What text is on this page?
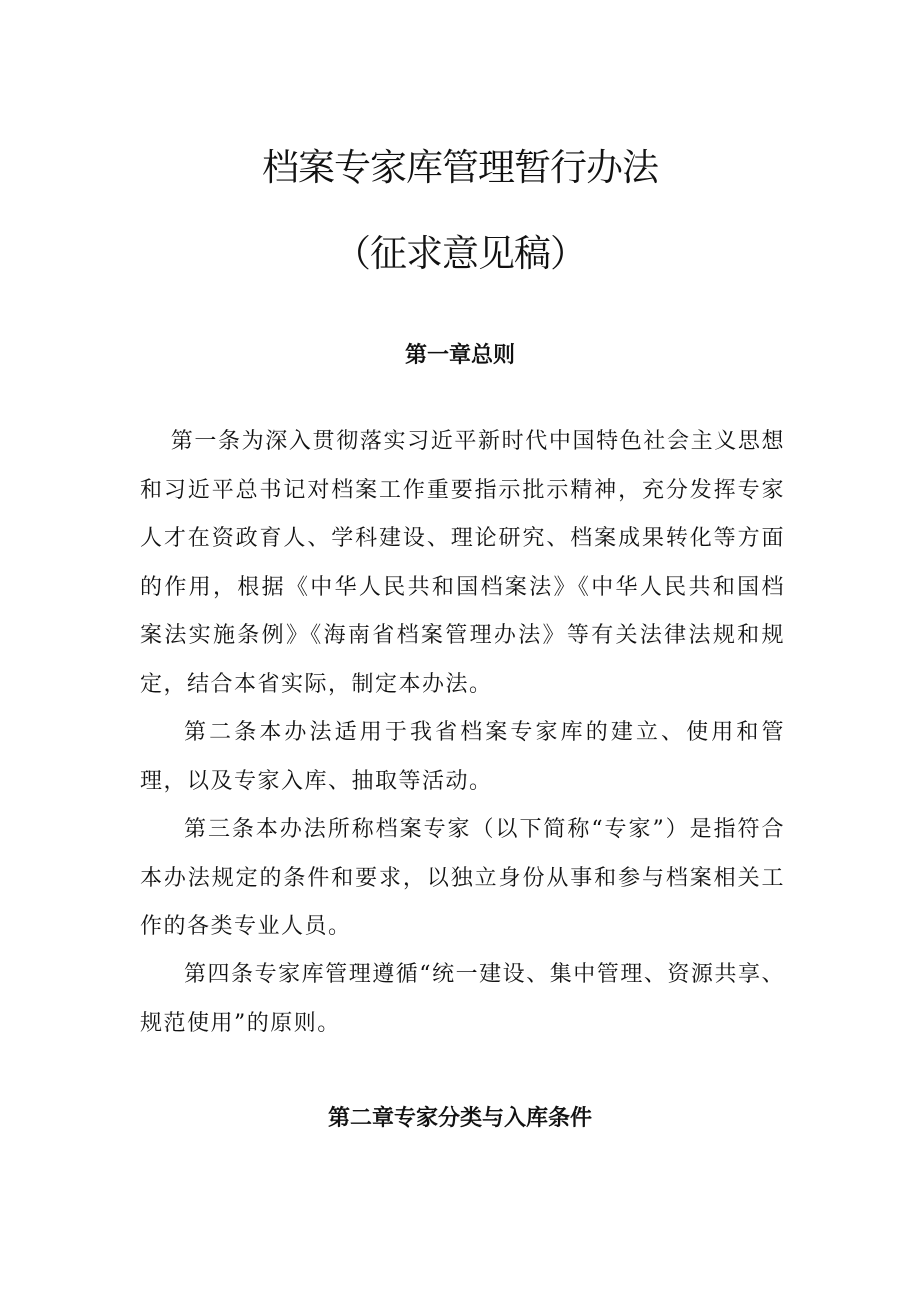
档案专家库管理暂行办法
（征求意见稿）
第一章总则

第一条为深入贯彻落实习近平新时代中国特色社会主义思想和习近平总书记对档案工作重要指示批示精神，充分发挥专家人才在资政育人、学科建设、理论研究、档案成果转化等方面的作用，根据《中华人民共和国档案法》《中华人民共和国档案法实施条例》《海南省档案管理办法》等有关法律法规和规定，结合本省实际，制定本办法。

第二条本办法适用于我省档案专家库的建立、使用和管理，以及专家入库、抽取等活动。

第三条本办法所称档案专家（以下简称“专家”）是指符合本办法规定的条件和要求，以独立身份从事和参与档案相关工作的各类专业人员。

第四条专家库管理遵循“统一建设、集中管理、资源共享、规范使用”的原则。

第二章专家分类与入库条件
